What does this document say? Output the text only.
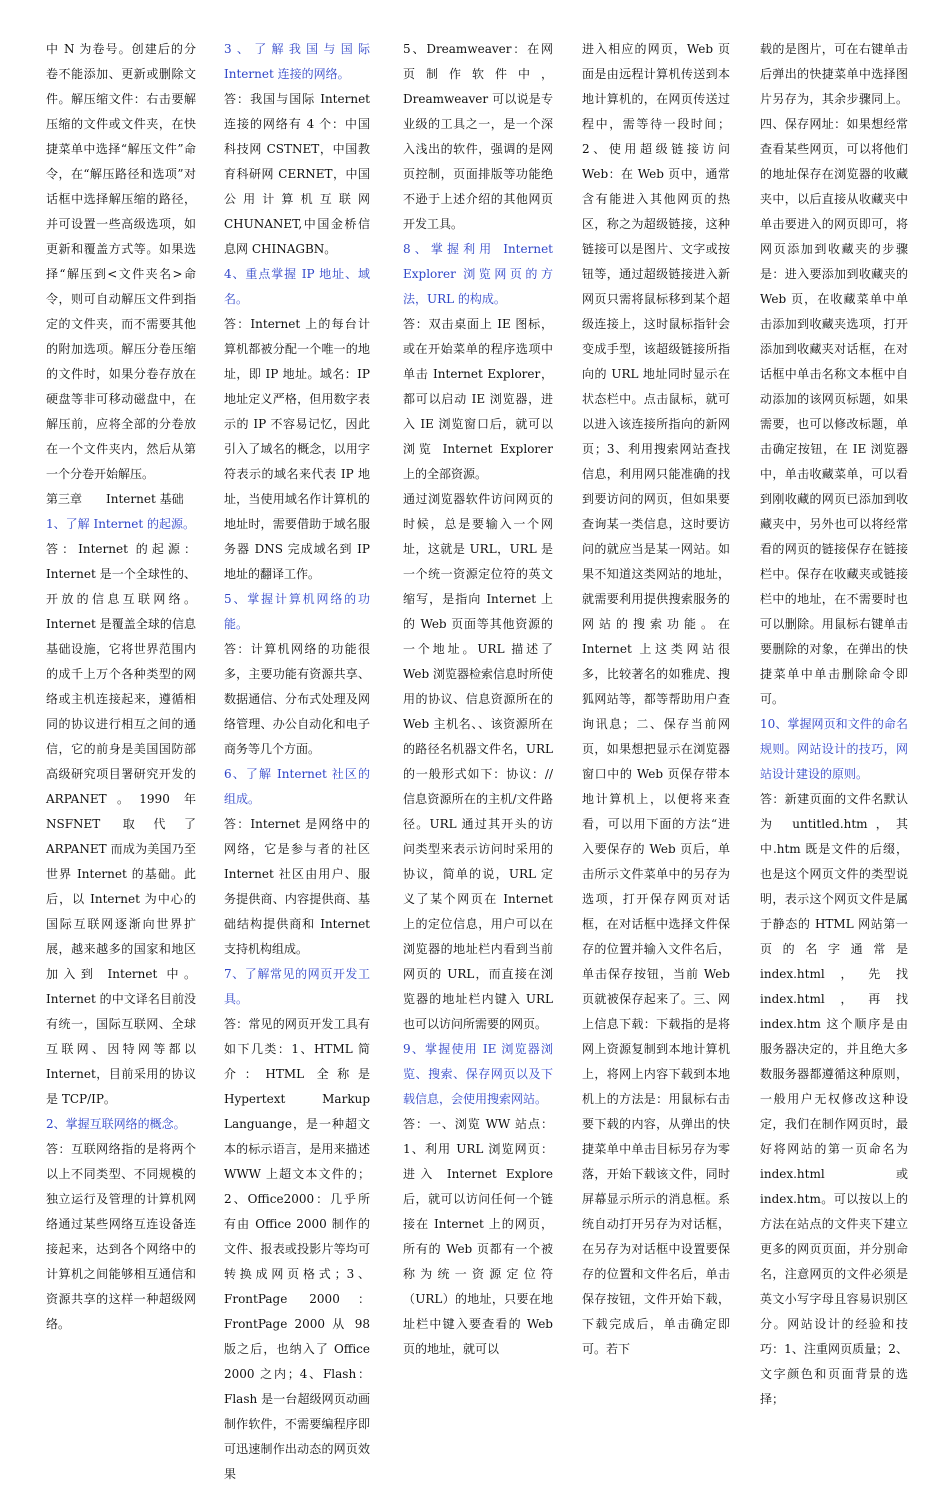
中 N 为卷号。创建后的分卷不能添加、更新或删除文件。解压缩文件：右击要解压缩的文件或文件夹，在快捷菜单中选择“解压文件”命令，在“解压路径和选项”对话框中选择解压缩的路径，并可设置一些高级选项，如更新和覆盖方式等。如果选择“解压到<文件夹名>命令，则可自动解压文件到指定的文件夹，而不需要其他的附加选项。解压分卷压缩的文件时，如果分卷存放在硬盘等非可移动磁盘中，在解压前，应将全部的分卷放在一个文件夹内，然后从第一个分卷开始解压。

第三章　　Internet 基础

1、了解 Internet 的起源。

答：Internet 的起源：Internet 是一个全球性的、开放的信息互联网络。Internet 是覆盖全球的信息基础设施，它将世界范围内的成千上万个各种类型的网络或主机连接起来，遵循相同的协议进行相互之间的通信，它的前身是美国国防部高级研究项目署研究开发的 ARPANET。1990 年 NSFNET 取代了 ARPANET 而成为美国乃至世界 Internet 的基础。此后，以 Internet 为中心的国际互联网逐渐向世界扩展，越来越多的国家和地区加入到 Internet 中。Internet 的中文译名目前没有统一，国际互联网、全球互联网、因特网等都以 Internet，目前采用的协议是 TCP/IP。

2、掌握互联网络的概念。

答：互联网络指的是将两个以上不同类型、不同规模的独立运行及管理的计算机网络通过某些网络互连设备连接起来，达到各个网络中的计算机之间能够相互通信和资源共享的这样一种超级网络。

3、了解我国与国际 Internet 连接的网络。

答：我国与国际 Internet 连接的网络有 4 个：中国科技网 CSTNET，中国教育科研网 CERNET，中国公用计算机互联网 CHUNANET,中国金桥信息网 CHINAGBN。

4、重点掌握 IP 地址、域名。

答：Internet 上的每台计算机都被分配一个唯一的地址，即 IP 地址。域名：IP 地址定义严格，但用数字表示的 IP 不容易记忆，因此引入了域名的概念，以用字符表示的域名来代表 IP 地址，当使用域名作计算机的地址时，需要借助于域名服务器 DNS 完成域名到 IP 地址的翻译工作。

5、掌握计算机网络的功能。

答：计算机网络的功能很多，主要功能有资源共享、数据通信、分布式处理及网络管理、办公自动化和电子商务等几个方面。

6、了解 Internet 社区的组成。

答：Internet 是网络中的网络，它是参与者的社区 Internet 社区由用户、服务提供商、内容提供商、基础结构提供商和 Internet 支持机构组成。

7、了解常见的网页开发工具。

答：常见的网页开发工具有如下几类：1、HTML 简介：HTML 全称是 Hypertext Markup Languange，是一种超文本的标示语言，是用来描述 WWW 上超文本文件的；2、Office2000：几乎所有由 Office 2000 制作的文件、报表或投影片等均可转换成网页格式；3、FrontPage 2000：FrontPage 2000 从 98 版之后，也纳入了 Office 2000 之内；4、Flash：Flash 是一台超级网页动画制作软件，不需要编程序即可迅速制作出动态的网页效果

5、Dreamweaver：在网页制作软件中，Dreamweaver 可以说是专业级的工具之一，是一个深入浅出的软件，强调的是网页控制，页面排版等功能绝不逊于上述介绍的其他网页开发工具。

8、掌握利用 Internet Explorer 浏览网页的方法，URL 的构成。

答：双击桌面上 IE 图标，或在开始菜单的程序选项中单击 Internet Explorer，都可以启动 IE 浏览器，进入 IE 浏览窗口后，就可以浏览 Internet Explorer 上的全部资源。

通过浏览器软件访问网页的时候，总是要输入一个网址，这就是 URL，URL 是一个统一资源定位符的英文缩写，是指向 Internet 上的 Web 页面等其他资源的一个地址。URL 描述了 Web 浏览器检索信息时所使用的协议、信息资源所在的 Web 主机名、、该资源所在的路径名机器文件名，URL 的一般形式如下：协议：//信息资源所在的主机/文件路径。URL 通过其开头的访问类型来表示访问时采用的协议，简单的说，URL 定义了某个网页在 Internet 上的定位信息，用户可以在浏览器的地址栏内看到当前网页的 URL，而直接在浏览器的地址栏内键入 URL 也可以访问所需要的网页。

9、掌握使用 IE 浏览器浏览、搜索、保存网页以及下载信息，会使用搜索网站。

答：一、浏览 WW 站点：1、利用 URL 浏览网页：进入 Internet Explore 后，就可以访问任何一个链接在 Internet 上的网页，所有的 Web 页都有一个被称为统一资源定位符（URL）的地址，只要在地址栏中键入要查看的 Web 页的地址，就可以

进入相应的网页，Web 页面是由远程计算机传送到本地计算机的，在网页传送过程中，需等待一段时间；2、使用超级链接访问 Web：在 Web 页中，通常含有能进入其他网页的热区，称之为超级链接，这种链接可以是图片、文字或按钮等，通过超级链接进入新网页只需将鼠标移到某个超级连接上，这时鼠标指针会变成手型，该超级链接所指向的 URL 地址同时显示在状态栏中。点击鼠标，就可以进入该连接所指向的新网页；3、利用搜索网站查找信息，利用网只能准确的找到要访问的网页，但如果要查询某一类信息，这时要访问的就应当是某一网站。如果不知道这类网站的地址，就需要利用提供搜索服务的网站的搜索功能。在 Internet 上这类网站很多，比较著名的如雅虎、搜狐网站等，都等帮助用户查询讯息；二、保存当前网页，如果想把显示在浏览器窗口中的 Web 页保存带本地计算机上，以便将来查看，可以用下面的方法“进入要保存的 Web 页后，单击所示文件菜单中的另存为选项，打开保存网页对话框，在对话框中选择文件保存的位置并输入文件名后，单击保存按钮，当前 Web 页就被保存起来了。三、网上信息下载：下载指的是将网上资源复制到本地计算机上，将网上内容下载到本地机上的方法是：用鼠标右击要下载的内容，从弹出的快捷菜单中单击目标另存为零落，开始下载该文件，同时屏幕显示所示的消息框。系统自动打开另存为对话框，在另存为对话框中设置要保存的位置和文件名后，单击保存按钮，文件开始下载，下载完成后，单击确定即可。若下

载的是图片，可在右键单击后弹出的快捷菜单中选择图片另存为，其余步骤同上。四、保存网址：如果想经常查看某些网页，可以将他们的地址保存在浏览器的收藏夹中，以后直接从收藏夹中单击要进入的网页即可，将网页添加到收藏夹的步骤是：进入要添加到收藏夹的 Web 页，在收藏菜单中单击添加到收藏夹选项，打开添加到收藏夹对话框，在对话框中单击名称文本框中自动添加的该网页标题，如果需要，也可以修改标题，单击确定按钮，在 IE 浏览器中，单击收藏菜单，可以看到刚收藏的网页已添加到收藏夹中，另外也可以将经常看的网页的链接保存在链接栏中。保存在收藏夹或链接栏中的地址，在不需要时也可以删除。用鼠标右键单击要删除的对象，在弹出的快捷菜单中单击删除命令即可。

10、掌握网页和文件的命名规则。网站设计的技巧，网站设计建设的原则。

答：新建页面的文件名默认为 untitled.htm，其中.htm 既是文件的后缀，也是这个网页文件的类型说明，表示这个网页文件是属于静态的 HTML 网站第一页的名字通常是 index.html，先找 index.html，再找 index.htm 这个顺序是由服务器决定的，并且绝大多数服务器都遵循这种原则，一般用户无权修改这种设定，我们在制作网页时，最好将网站的第一页命名为 index.html 或 index.htm。可以按以上的方法在站点的文件夹下建立更多的网页页面，并分别命名，注意网页的文件必须是英文小写字母且容易识别区分。网站设计的经验和技巧：1、注重网页质量；2、文字颜色和页面背景的选择；
